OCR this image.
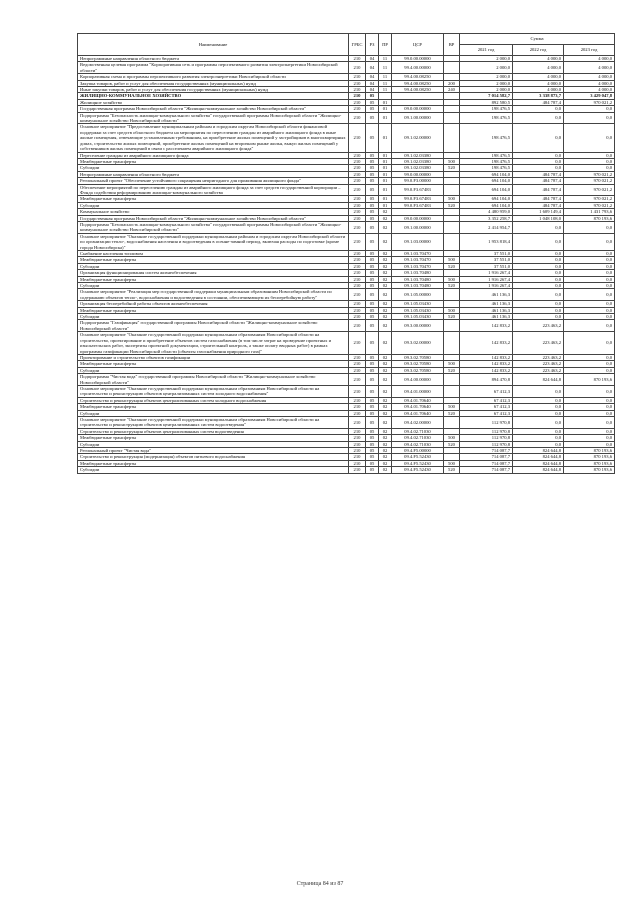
Наименование	ГРБС	РЗ	ПР	ЦСР	ВР	Сумма		
						2021 год	2022 год	2023 год
Непрограммные направления областного бюджета	210	04	11	99.0.00.00000		2 000,0	4 000,0	4 000,0
Ведомственная целевая программа "Корпоративная сеть и программы перспективного развития электроэнергетики Новосибирской области"	210	04	11	99.4.00.00000		2 000,0	4 000,0	4 000,0
Корпоративная схема и программы перспективного развития электроэнергетики Новосибирской области	210	04	11	99.4.00.08250		2 000,0	4 000,0	4 000,0
Закупка товаров, работ и услуг для обеспечения государственных (муниципальных) нужд	210	04	11	99.4.00.08250	200	2 000,0	4 000,0	4 000,0
Иные закупки товаров, работ и услуг для обеспечения государственных (муниципальных) нужд	210	04	11	99.4.00.08250	240	2 000,0	4 000,0	4 000,0
ЖИЛИЩНО-КОММУНАЛЬНОЕ ХОЗЯЙСТВО	210	05				7 014 582,7	3 338 873,7	3 429 047,8
Жилищное хозяйство	210	05	01			892 580,5	484 787,4	970 021,2
Государственная программа Новосибирской области "Жилищно-коммунальное хозяйство Новосибирской области"	210	05	01	09.0.00.00000		198 476,5	0,0	0,0
Подпрограмма "Безопасность жилищно-коммунального хозяйства" государственной программы Новосибирской области "Жилищно-коммунальное хозяйство Новосибирской области"	210	05	01	09.1.00.00000		198 476,5	0,0	0,0
Основное мероприятие "Предоставление муниципальным районам и городским округам Новосибирской области финансовой поддержки за счет средств областного бюджета на мероприятия по переселению граждан из аварийного жилищного фонда в иные жилые помещения, отвечающие установленным требованиям, на приобретение жилых помещений у застройщиков в многоквартирных домах, строительство жилых помещений, приобретение жилых помещений на вторичном рынке жилья, выкуп жилых помещений у собственников жилых помещений в связи с расселением аварийного жилищного фонда"	210	05	01	09.1.02.00000		198 476,5	0,0	0,0
Переселение граждан из аварийного жилищного фонда	210	05	01	09.1.02.03380		198 476,5	0,0	0,0
Межбюджетные трансферты	210	05	01	09.1.02.03380	500	198 476,5	0,0	0,0
Субсидии	210	05	01	09.1.02.03380	520	198 476,5	0,0	0,0
Непрограммные направления областного бюджета	210	05	01	99.0.00.00000		694 104,0	484 787,4	970 021,2
Региональный проект "Обеспечение устойчивого сокращения непригодного для проживания жилищного фонда"	210	05	01	99.0.F3.00000		694 104,0	484 787,4	970 021,2
Обеспечение мероприятий по переселению граждан из аварийного жилищного фонда за счет средств государственной корпорации – Фонда содействия реформированию жилищно-коммунального хозяйства	210	05	01	99.0.F3.67483		694 104,0	484 787,4	970 021,2
Межбюджетные трансферты	210	05	01	99.0.F3.67483	500	694 104,0	484 787,4	970 021,2
Субсидии	210	05	01	99.0.F3.67483	520	694 104,0	484 787,4	970 021,2
Коммунальное хозяйство	210	05	02			4 480 959,0	1 609 149,4	1 431 793,6
Государственная программа Новосибирской области "Жилищно-коммунальное хозяйство Новосибирской области"	210	05	02	09.0.00.00000		3 352 258,7	1 048 108,0	870 193,6
Подпрограмма "Безопасность жилищно-коммунального хозяйства" государственной программы Новосибирской области "Жилищно-коммунальное хозяйство Новосибирской области"	210	05	02	09.1.00.00000		2 414 954,7	0,0	0,0
Основное мероприятие "Оказание государственной поддержки муниципальным районам и городским округам Новосибирской области по организации тепло-, водоснабжения населения и водоотведения в осенне-зимний период, включая расходы по подготовке (кроме города Новосибирска)"	210	05	02	09.1.03.00000		1 953 818,4	0,0	0,0
Снабжение населения топливом	210	05	02	09.1.03.70470		37 551,0	0,0	0,0
Межбюджетные трансферты	210	05	02	09.1.03.70470	500	37 551,0	0,0	0,0
Субсидии	210	05	02	09.1.03.70470	520	37 551,0	0,0	0,0
Организация функционирования систем жизнеобеспечения	210	05	02	09.1.03.70480		1 916 267,4	0,0	0,0
Межбюджетные трансферты	210	05	02	09.1.03.70480	500	1 916 267,4	0,0	0,0
Субсидии	210	05	02	09.1.03.70480	520	1 916 267,4	0,0	0,0
Основное мероприятие "Реализация мер государственной поддержки муниципальным образованиям Новосибирской области по содержанию объектов тепло-, водоснабжения и водоотведения в состоянии, обеспечивающем их бесперебойную работу"	210	05	02	09.1.05.00000		461 136,3	0,0	0,0
Организация бесперебойной работы объектов жизнеобеспечения	210	05	02	09.1.05.03430		461 136,3	0,0	0,0
Межбюджетные трансферты	210	05	02	09.1.05.03430	500	461 136,3	0,0	0,0
Субсидии	210	05	02	09.1.05.03430	520	461 136,3	0,0	0,0
Подпрограмма "Газификация" государственной программы Новосибирской области "Жилищно-коммунальное хозяйство Новосибирской области"	210	05	02	09.3.00.00000		142 833,2	223 463,2	0,0
Основное мероприятие "Оказание государственной поддержки муниципальным образованиям Новосибирской области на строительство, проектирование и приобретение объектов систем газоснабжения (в том числе затрат на проведение проектных и изыскательских работ, экспертизы проектной документации, строительный контроль, а также оплату вводных работ) в рамках программы газификации Новосибирской области (объекты газоснабжения природного газа)"	210	05	02	09.3.02.00000		142 833,2	223 463,2	0,0
Проектирование и строительство объектов газификации	210	05	02	09.3.02.70580		142 833,2	223 463,2	0,0
Межбюджетные трансферты	210	05	02	09.3.02.70580	500	142 833,2	223 463,2	0,0
Субсидии	210	05	02	09.3.02.70580	520	142 833,2	223 463,2	0,0
Подпрограмма "Чистая вода" государственной программы Новосибирской области "Жилищно-коммунальное хозяйство Новосибирской области"	210	05	02	09.4.00.00000		894 470,8	824 644,8	870 193,6
Основное мероприятие "Оказание государственной поддержки муниципальным образованиям Новосибирской области на строительство и реконструкцию объектов централизованных систем холодного водоснабжения"	210	05	02	09.4.01.00000		67 412,3	0,0	0,0
Строительство и реконструкция объектов централизованных систем холодного водоснабжения	210	05	02	09.4.01.70640		67 412,3	0,0	0,0
Межбюджетные трансферты	210	05	02	09.4.01.70640	500	67 412,3	0,0	0,0
Субсидии	210	05	02	09.4.01.70640	520	67 412,3	0,0	0,0
Основное мероприятие "Оказание государственной поддержки муниципальным образованиям Новосибирской области на строительство и реконструкцию объектов централизованных систем водоотведения"	210	05	02	09.4.02.00000		112 970,8	0,0	0,0
Строительство и реконструкция объектов централизованных систем водоотведения	210	05	02	09.4.02.71030		112 970,8	0,0	0,0
Межбюджетные трансферты	210	05	02	09.4.02.71030	500	112 970,8	0,0	0,0
Субсидии	210	05	02	09.4.02.71030	520	112 970,8	0,0	0,0
Региональный проект "Чистая вода"	210	05	02	09.4.F5.00000		714 087,7	824 644,8	870 193,6
Строительство и реконструкция (модернизация) объектов питьевого водоснабжения	210	05	02	09.4.F5.52430		714 087,7	824 644,8	870 193,6
Межбюджетные трансферты	210	05	02	09.4.F5.52430	500	714 087,7	824 644,8	870 193,6
Субсидии	210	05	02	09.4.F5.52430	520	714 087,7	824 644,8	870 193,6
Страница 84 из 87
